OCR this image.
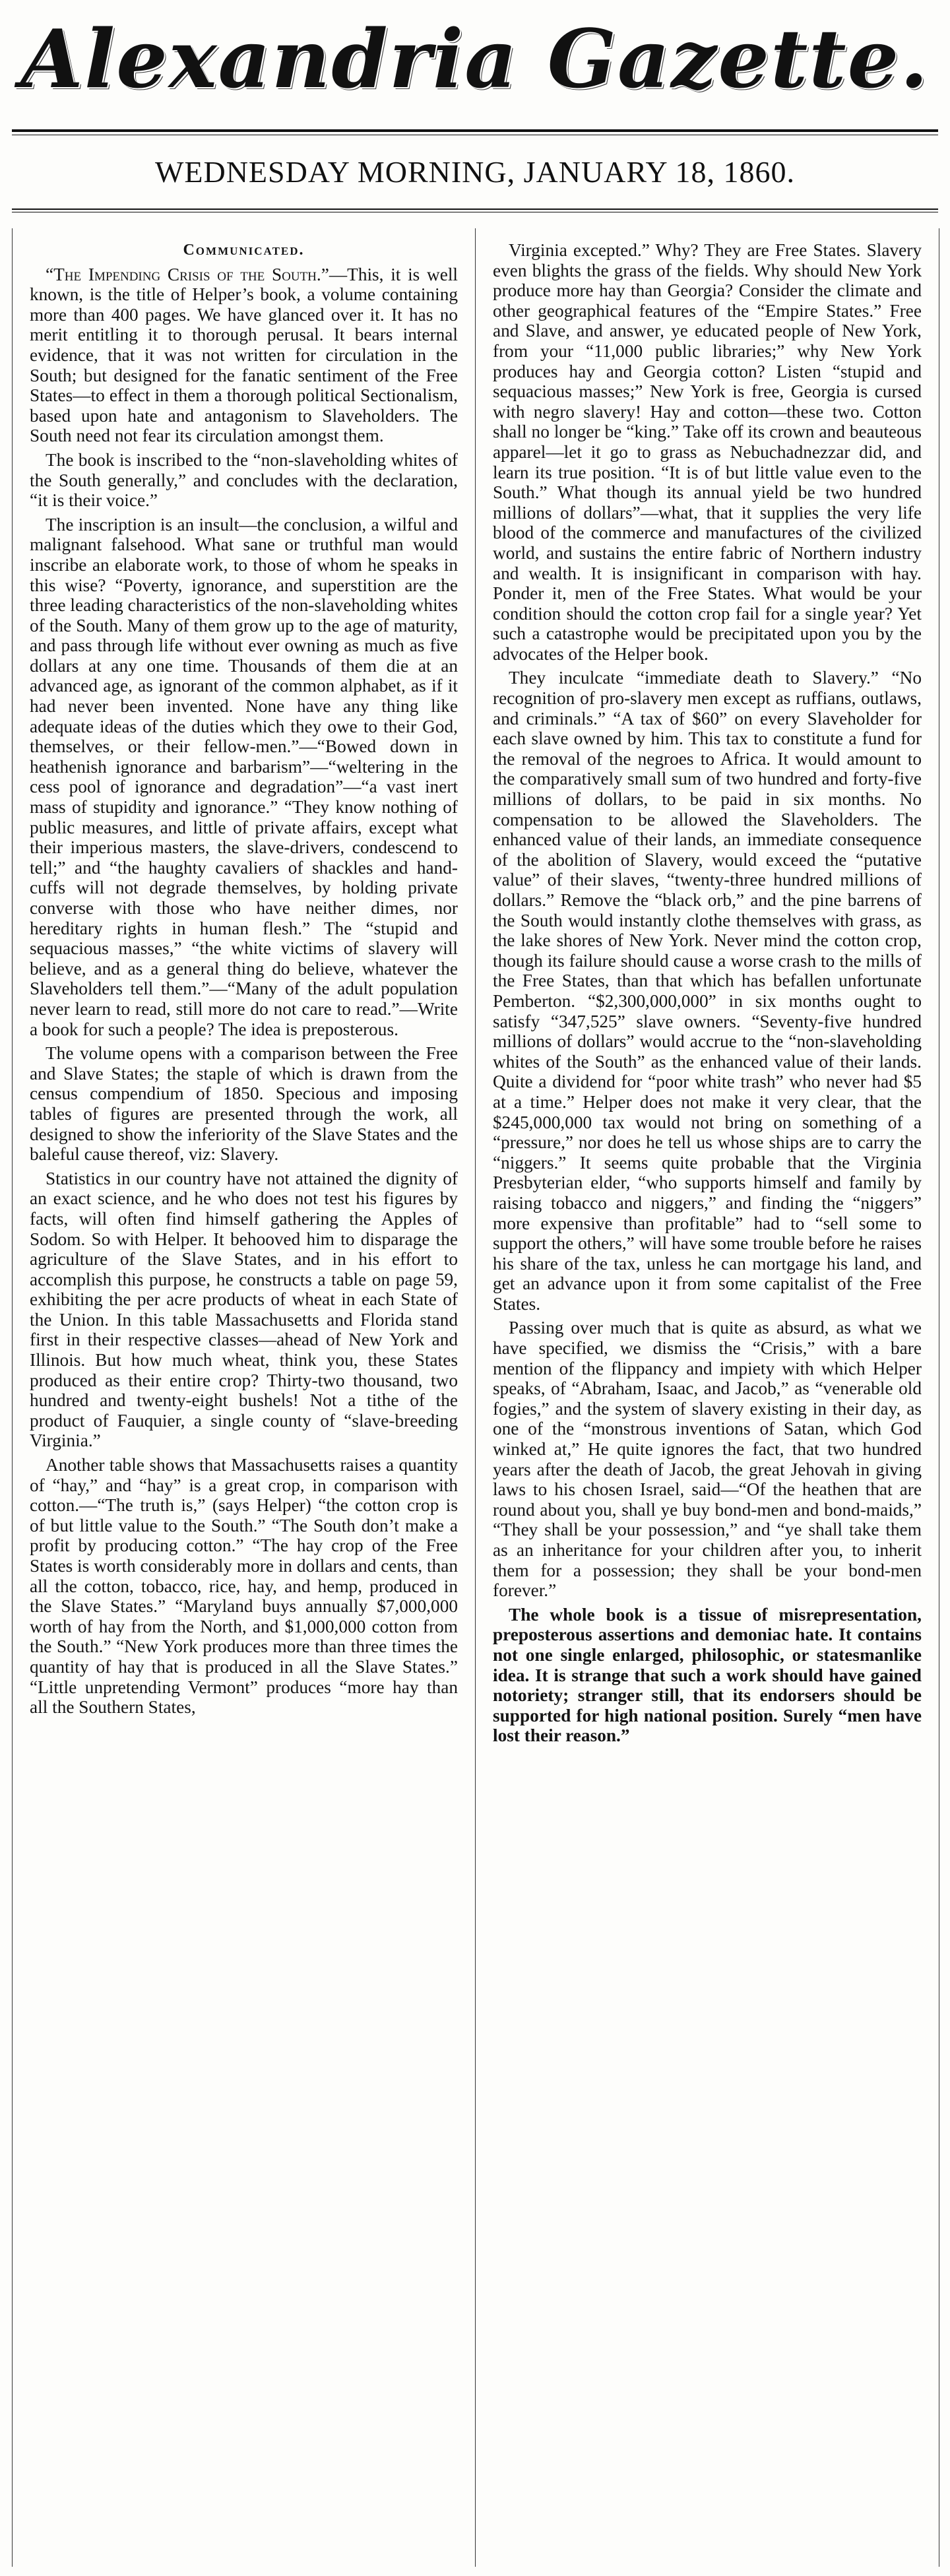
Alexandria Gazette.
WEDNESDAY MORNING, JANUARY 18, 1860.
Communicated.

“The Impending Crisis of the South.”—This, it is well known, is the title of Helper’s book, a volume containing more than 400 pages. We have glanced over it. It has no merit entitling it to thorough perusal. It bears internal evidence, that it was not written for circulation in the South; but designed for the fanatic sentiment of the Free States—to effect in them a thorough political Sectionalism, based upon hate and antagonism to Slaveholders. The South need not fear its circulation amongst them.

The book is inscribed to the “non-slaveholding whites of the South generally,” and concludes with the declaration, “it is their voice.”

The inscription is an insult—the conclusion, a wilful and malignant falsehood. What sane or truthful man would inscribe an elaborate work, to those of whom he speaks in this wise? “Poverty, ignorance, and superstition are the three leading characteristics of the non-slaveholding whites of the South. Many of them grow up to the age of maturity, and pass through life without ever owning as much as five dollars at any one time. Thousands of them die at an advanced age, as ignorant of the common alphabet, as if it had never been invented. None have any thing like adequate ideas of the duties which they owe to their God, themselves, or their fellow-men.”—“Bowed down in heathenish ignorance and barbarism”—“weltering in the cess pool of ignorance and degradation”—“a vast inert mass of stupidity and ignorance.” “They know nothing of public measures, and little of private affairs, except what their imperious masters, the slave-drivers, condescend to tell;” and “the haughty cavaliers of shackles and hand-cuffs will not degrade themselves, by holding private converse with those who have neither dimes, nor hereditary rights in human flesh.” The “stupid and sequacious masses,” “the white victims of slavery will believe, and as a general thing do believe, whatever the Slaveholders tell them.”—“Many of the adult population never learn to read, still more do not care to read.”—Write a book for such a people? The idea is preposterous.

The volume opens with a comparison between the Free and Slave States; the staple of which is drawn from the census compendium of 1850. Specious and imposing tables of figures are presented through the work, all designed to show the inferiority of the Slave States and the baleful cause thereof, viz: Slavery.

Statistics in our country have not attained the dignity of an exact science, and he who does not test his figures by facts, will often find himself gathering the Apples of Sodom. So with Helper. It behooved him to disparage the agriculture of the Slave States, and in his effort to accomplish this purpose, he constructs a table on page 59, exhibiting the per acre products of wheat in each State of the Union. In this table Massachusetts and Florida stand first in their respective classes—ahead of New York and Illinois. But how much wheat, think you, these States produced as their entire crop? Thirty-two thousand, two hundred and twenty-eight bushels! Not a tithe of the product of Fauquier, a single county of “slave-breeding Virginia.”

Another table shows that Massachusetts raises a quantity of “hay,” and “hay” is a great crop, in comparison with cotton.—“The truth is,” (says Helper) “the cotton crop is of but little value to the South.” “The South don’t make a profit by producing cotton.” “The hay crop of the Free States is worth considerably more in dollars and cents, than all the cotton, tobacco, rice, hay, and hemp, produced in the Slave States.” “Maryland buys annually $7,000,000 worth of hay from the North, and $1,000,000 cotton from the South.” “New York produces more than three times the quantity of hay that is produced in all the Slave States.” “Little unpretending Vermont” produces “more hay than all the Southern States,

Virginia excepted.” Why? They are Free States. Slavery even blights the grass of the fields. Why should New York produce more hay than Georgia? Consider the climate and other geographical features of the “Empire States.” Free and Slave, and answer, ye educated people of New York, from your “11,000 public libraries;” why New York produces hay and Georgia cotton? Listen “stupid and sequacious masses;” New York is free, Georgia is cursed with negro slavery! Hay and cotton—these two. Cotton shall no longer be “king.” Take off its crown and beauteous apparel—let it go to grass as Nebuchadnezzar did, and learn its true position. “It is of but little value even to the South.” What though its annual yield be two hundred millions of dollars”—what, that it supplies the very life blood of the commerce and manufactures of the civilized world, and sustains the entire fabric of Northern industry and wealth. It is insignificant in comparison with hay. Ponder it, men of the Free States. What would be your condition should the cotton crop fail for a single year? Yet such a catastrophe would be precipitated upon you by the advocates of the Helper book.

They inculcate “immediate death to Slavery.” “No recognition of pro-slavery men except as ruffians, outlaws, and criminals.” “A tax of $60” on every Slaveholder for each slave owned by him. This tax to constitute a fund for the removal of the negroes to Africa. It would amount to the comparatively small sum of two hundred and forty-five millions of dollars, to be paid in six months. No compensation to be allowed the Slaveholders. The enhanced value of their lands, an immediate consequence of the abolition of Slavery, would exceed the “putative value” of their slaves, “twenty-three hundred millions of dollars.” Remove the “black orb,” and the pine barrens of the South would instantly clothe themselves with grass, as the lake shores of New York. Never mind the cotton crop, though its failure should cause a worse crash to the mills of the Free States, than that which has befallen unfortunate Pemberton. “$2,300,000,000” in six months ought to satisfy “347,525” slave owners. “Seventy-five hundred millions of dollars” would accrue to the “non-slaveholding whites of the South” as the enhanced value of their lands. Quite a dividend for “poor white trash” who never had $5 at a time.” Helper does not make it very clear, that the $245,000,000 tax would not bring on something of a “pressure,” nor does he tell us whose ships are to carry the “niggers.” It seems quite probable that the Virginia Presbyterian elder, “who supports himself and family by raising tobacco and niggers,” and finding the “niggers” more expensive than profitable” had to “sell some to support the others,” will have some trouble before he raises his share of the tax, unless he can mortgage his land, and get an advance upon it from some capitalist of the Free States.

Passing over much that is quite as absurd, as what we have specified, we dismiss the “Crisis,” with a bare mention of the flippancy and impiety with which Helper speaks, of “Abraham, Isaac, and Jacob,” as “venerable old fogies,” and the system of slavery existing in their day, as one of the “monstrous inventions of Satan, which God winked at,” He quite ignores the fact, that two hundred years after the death of Jacob, the great Jehovah in giving laws to his chosen Israel, said—“Of the heathen that are round about you, shall ye buy bond-men and bond-maids,” “They shall be your possession,” and “ye shall take them as an inheritance for your children after you, to inherit them for a possession; they shall be your bond-men forever.”

The whole book is a tissue of misrepresentation, preposterous assertions and demoniac hate. It contains not one single enlarged, philosophic, or statesmanlike idea. It is strange that such a work should have gained notoriety; stranger still, that its endorsers should be supported for high national position. Surely “men have lost their reason.”
